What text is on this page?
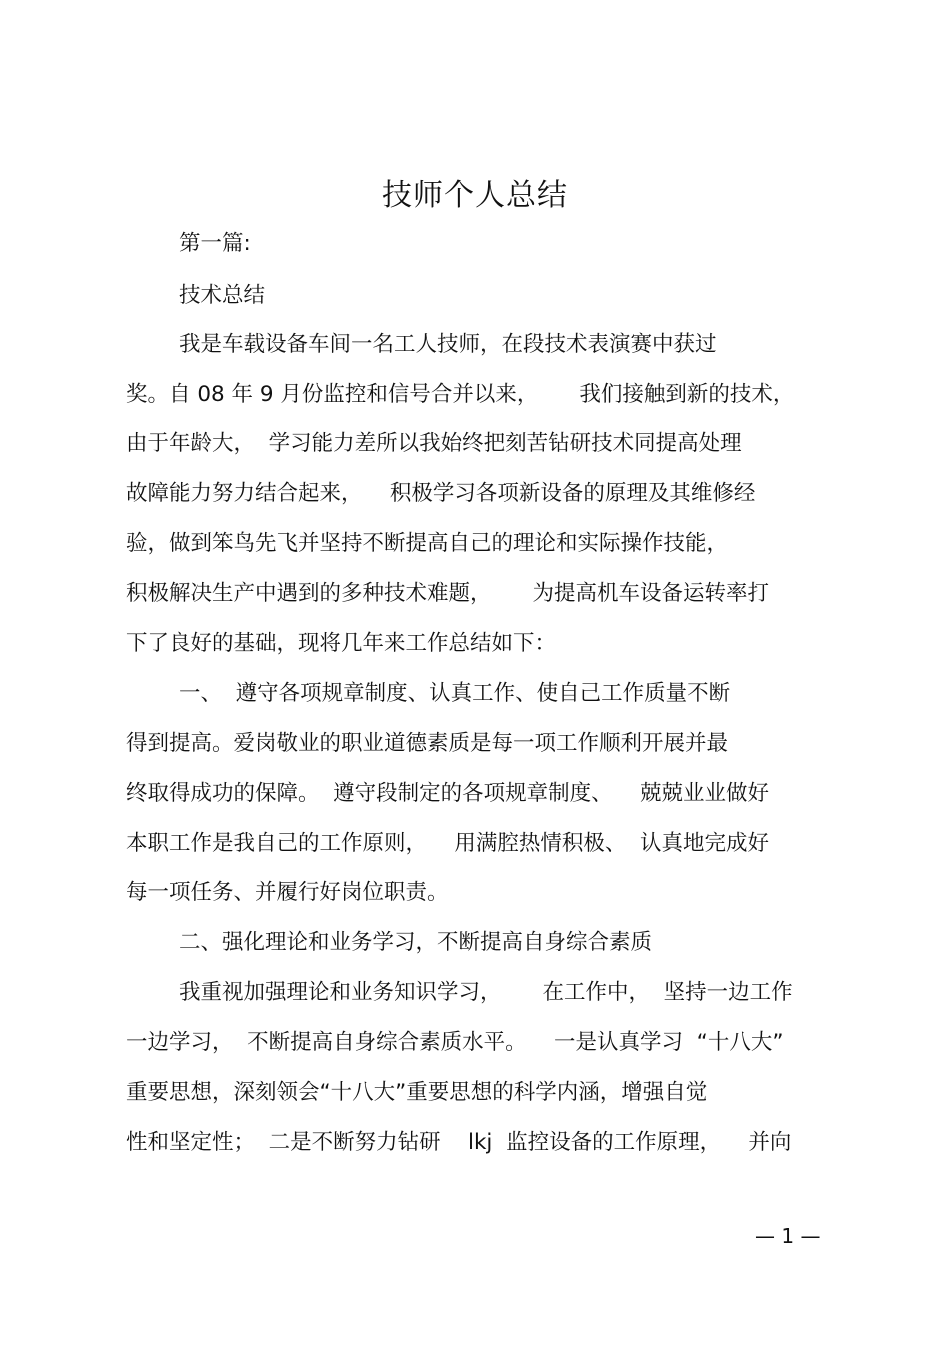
技师个人总结
第一篇:
技术总结
我是车载设备车间一名工人技师，在段技术表演赛中获过
奖。自 08 年 9 月份监控和信号合并以来，      我们接触到新的技术，
由于年龄大，  学习能力差所以我始终把刻苦钻研技术同提高处理
故障能力努力结合起来，    积极学习各项新设备的原理及其维修经
验，做到笨鸟先飞并坚持不断提高自己的理论和实际操作技能，
积极解决生产中遇到的多种技术难题，      为提高机车设备运转率打
下了良好的基础，现将几年来工作总结如下：
一、  遵守各项规章制度、认真工作、使自己工作质量不断
得到提高。爱岗敬业的职业道德素质是每一项工作顺利开展并最
终取得成功的保障。  遵守段制定的各项规章制度、    兢兢业业做好
本职工作是我自己的工作原则，    用满腔热情积极、  认真地完成好
每一项任务、并履行好岗位职责。
二、强化理论和业务学习，不断提高自身综合素质
我重视加强理论和业务知识学习，      在工作中，  坚持一边工作
一边学习，  不断提高自身综合素质水平。    一是认真学习  “十八大”
重要思想，深刻领会“十八大”重要思想的科学内涵，增强自觉
性和坚定性；  二是不断努力钻研    lkj  监控设备的工作原理，    并向
— 1 —
